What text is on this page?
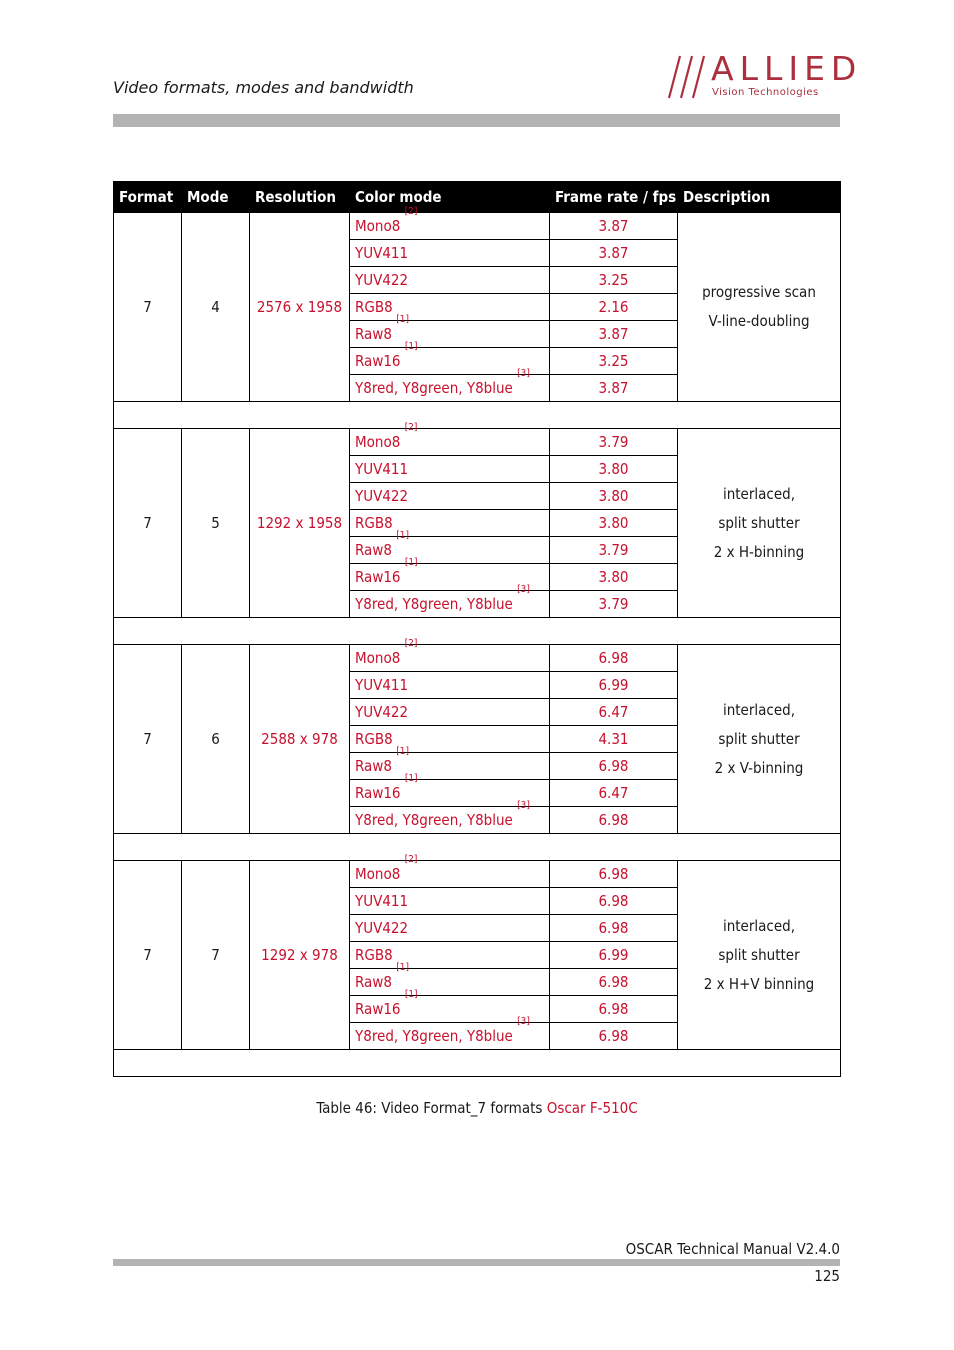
Video formats, modes and bandwidth	ALLIED
Vision Technologies
Format	Mode	Resolution	Color mode	Frame rate / fps	Description
7	4	2576 x 1958	Mono8 [2]	3.87	progressive scan
V-line-doubling

			YUV411	3.87	
			YUV422	3.25	
			RGB8	2.16	
			Raw8 [1]	3.87	
			Raw16 [1]	3.25	
			Y8red, Y8green, Y8blue [3]	3.87	

7	5	1292 x 1958	Mono8 [2]	3.79	interlaced,
split shutter
2 x H-binning

			YUV411	3.80	
			YUV422	3.80	
			RGB8	3.80	
			Raw8 [1]	3.79	
			Raw16 [1]	3.80	
			Y8red, Y8green, Y8blue [3]	3.79	

7	6	2588 x 978	Mono8 [2]	6.98	interlaced,
split shutter
2 x V-binning

			YUV411	6.99	
			YUV422	6.47	
			RGB8	4.31	
			Raw8 [1]	6.98	
			Raw16 [1]	6.47	
			Y8red, Y8green, Y8blue [3]	6.98	

7	7	1292 x 978	Mono8 [2]	6.98	interlaced,
split shutter
2 x H+V binning

			YUV411	6.98	
			YUV422	6.98	
			RGB8	6.99	
			Raw8 [1]	6.98	
			Raw16 [1]	6.98	
			Y8red, Y8green, Y8blue [3]	6.98	

Table 46: Video Format_7 formats Oscar F-510C
OSCAR Technical Manual V2.4.0
125
